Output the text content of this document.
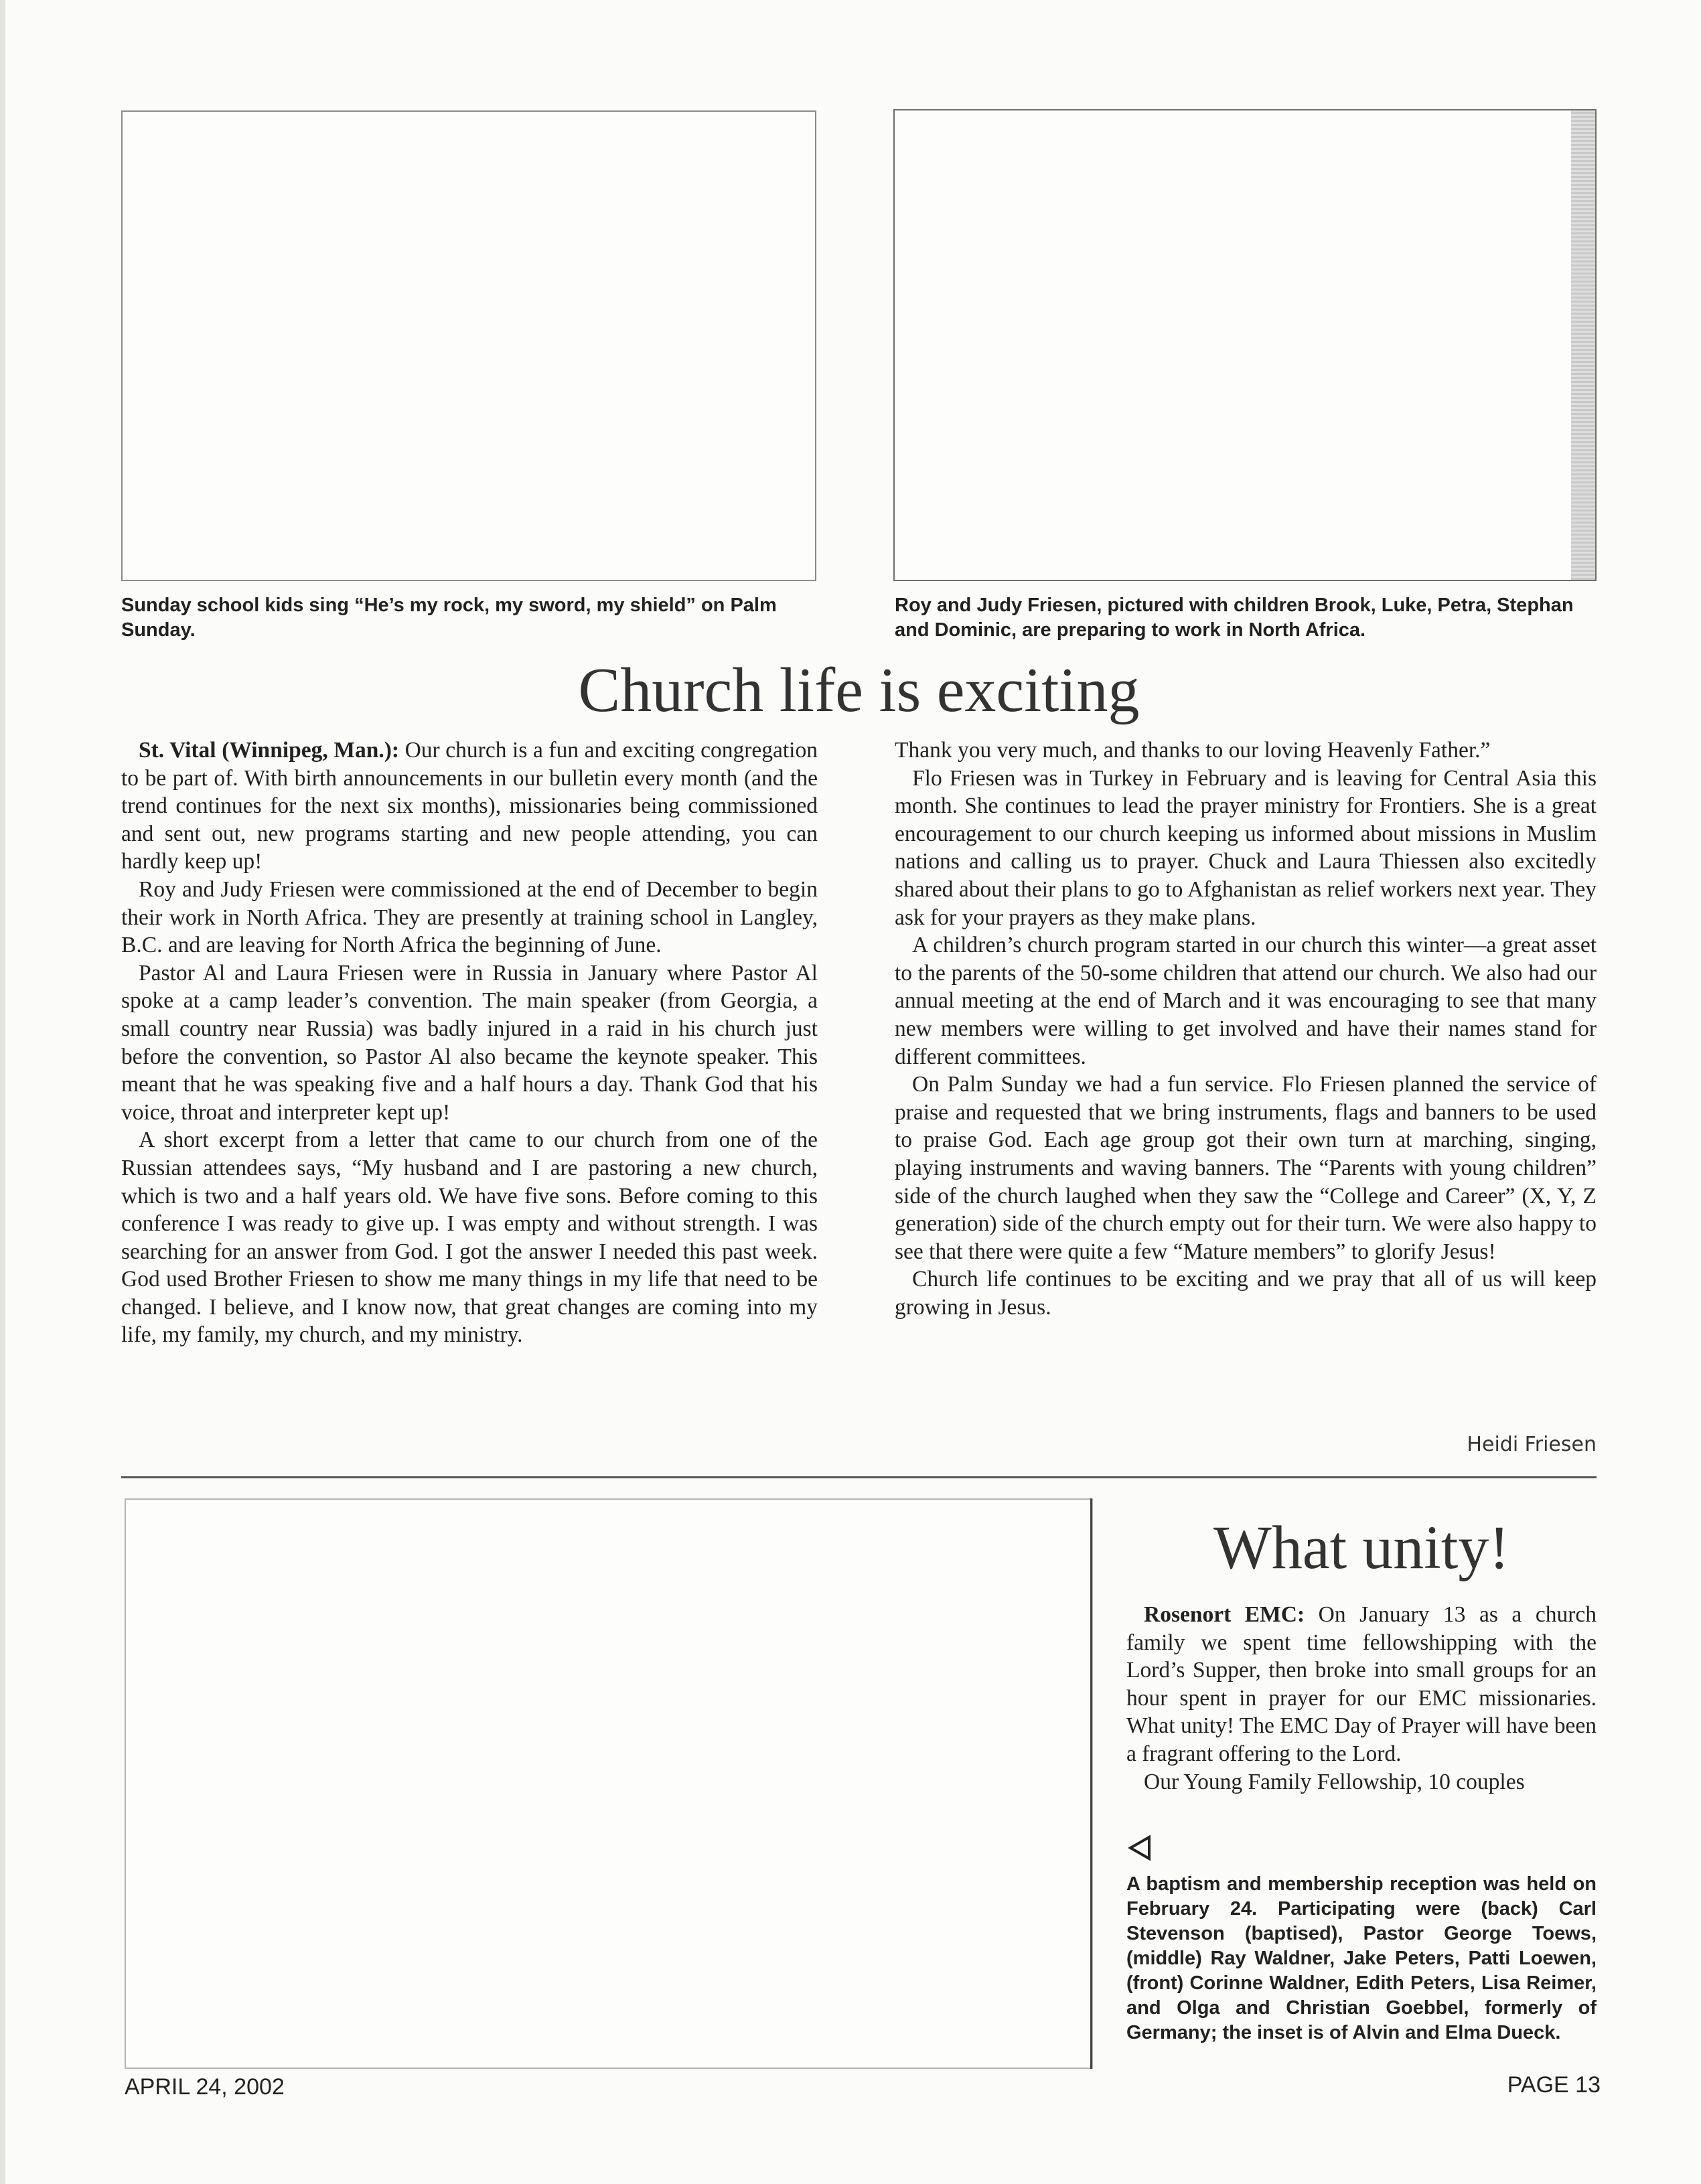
Sunday school kids sing “He’s my rock, my sword, my shield” on Palm Sunday.

Roy and Judy Friesen, pictured with children Brook, Luke, Petra, Stephan and Dominic, are preparing to work in North Africa.

Church life is exciting

St. Vital (Winnipeg, Man.): Our church is a fun and exciting congregation to be part of. With birth announcements in our bulletin every month (and the trend continues for the next six months), missionaries being commissioned and sent out, new programs starting and new people attending, you can hardly keep up!

Roy and Judy Friesen were commissioned at the end of December to begin their work in North Africa. They are presently at training school in Langley, B.C. and are leaving for North Africa the beginning of June.

Pastor Al and Laura Friesen were in Russia in January where Pastor Al spoke at a camp leader’s convention. The main speaker (from Georgia, a small country near Russia) was badly injured in a raid in his church just before the convention, so Pastor Al also became the keynote speaker. This meant that he was speaking five and a half hours a day. Thank God that his voice, throat and interpreter kept up!

A short excerpt from a letter that came to our church from one of the Russian attendees says, “My husband and I are pastoring a new church, which is two and a half years old. We have five sons. Before coming to this conference I was ready to give up. I was empty and without strength. I was searching for an answer from God. I got the answer I needed this past week. God used Brother Friesen to show me many things in my life that need to be changed. I believe, and I know now, that great changes are coming into my life, my family, my church, and my ministry.

Thank you very much, and thanks to our loving Heavenly Father.”

Flo Friesen was in Turkey in February and is leaving for Central Asia this month. She continues to lead the prayer ministry for Frontiers. She is a great encouragement to our church keeping us informed about missions in Muslim nations and calling us to prayer. Chuck and Laura Thiessen also excitedly shared about their plans to go to Afghanistan as relief workers next year. They ask for your prayers as they make plans.

A children’s church program started in our church this winter—a great asset to the parents of the 50-some children that attend our church. We also had our annual meeting at the end of March and it was encouraging to see that many new members were willing to get involved and have their names stand for different committees.

On Palm Sunday we had a fun service. Flo Friesen planned the service of praise and requested that we bring instruments, flags and banners to be used to praise God. Each age group got their own turn at marching, singing, playing instruments and waving banners. The “Parents with young children” side of the church laughed when they saw the “College and Career” (X, Y, Z generation) side of the church empty out for their turn. We were also happy to see that there were quite a few “Mature members” to glorify Jesus!

Church life continues to be exciting and we pray that all of us will keep growing in Jesus.

Heidi Friesen

What unity!

Rosenort EMC: On January 13 as a church family we spent time fellowshipping with the Lord’s Supper, then broke into small groups for an hour spent in prayer for our EMC missionaries. What unity! The EMC Day of Prayer will have been a fragrant offering to the Lord.

Our Young Family Fellowship, 10 couples

A baptism and membership reception was held on February 24. Participating were (back) Carl Stevenson (baptised), Pastor George Toews, (middle) Ray Waldner, Jake Peters, Patti Loewen, (front) Corinne Waldner, Edith Peters, Lisa Reimer, and Olga and Christian Goebbel, formerly of Germany; the inset is of Alvin and Elma Dueck.

APRIL 24, 2002	PAGE 13
